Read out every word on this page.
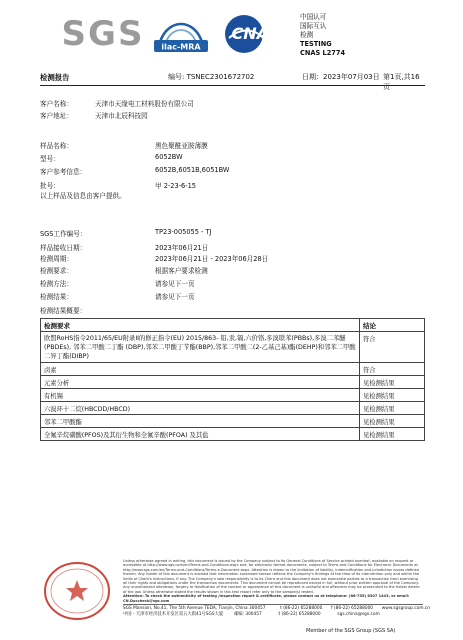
SGS ilac-MRA
CNAS
中国认可
国际互认
检测
TESTING
CNAS L2774
检测报告	编号: TSNEC2301672702	日期：2023年07月03日 第1页,共16页
客户名称：	天津市天缘电工材料股份有限公司
客户地址：	天津市北辰科技园
样品名称：	黑色聚酰亚胺薄膜
型号：	6052BW
客户参考信息：	6052B,6051B,6051BW
批号：	甲 2-23-6-15
以上样品及信息由客户提供。
SGS工作编号：	TP23-005055 - TJ
样品接收日期：	2023年06月21日
检测周期：	2023年06月21日 - 2023年06月28日
检测要求：	根据客户要求检测
检测方法：	请参见下一页
检测结果：	请参见下一页
检测结果概要：
检测要求	结论
欧盟RoHS指令2011/65/EU附录II的修正指令(EU) 2015/863- 铅,汞,镉,六价铬,多溴联苯(PBBs),多溴二苯醚(PBDEs), 邻苯二甲酸二丁酯 (DBP),邻苯二甲酸丁苄酯(BBP),邻苯二甲酸二(2-乙基己基)酯(DEHP)和邻苯二甲酸二异丁酯(DIBP)	符合
卤素	符合
元素分析	见检测结果
有机锡	见检测结果
六溴环十二烷(HBCDD/HBCD)	见检测结果
邻苯二甲酸酯	见检测结果
全氟辛烷磺酸(PFOS)及其衍生物和全氟辛酸(PFOA) 及其盐	见检测结果
Unless otherwise agreed in writing, this document is issued by the Company subject to its General Conditions of Service printed overleaf, available on request or accessible at http://www.sgs.com/en/Terms-and-Conditions.aspx and, for electronic format documents, subject to Terms and Conditions for Electronic Documents at http://www.sgs.com/en/Terms-and-Conditions/Terms-e-Document.aspx. Attention is drawn to the limitation of liability, indemnification and jurisdiction issues defined therein. Any holder of this document is advised that information contained hereon reflects the Company's findings at the time of its intervention only and within the limits of Client's instructions, if any. The Company's sole responsibility is to its Client and this document does not exonerate parties to a transaction from exercising all their rights and obligations under the transaction documents. This document cannot be reproduced except in full, without prior written approval of the Company. Any unauthorized alteration, forgery or falsification of the content or appearance of this document is unlawful and offenders may be prosecuted to the fullest extent of the law. Unless otherwise stated the results shown in this test report refer only to the sample(s) tested.
Attention: To check the authenticity of testing /inspection report & certificate, please contact us at telephone: (86-755) 8307 1443, or email: CN.Doccheck@sgs.com
SGS Mansion, No.41, The 5th Avenue TEDA, Tianjin, China 300457	t (86-22) 65288000 f (86-22) 65288000 www.sgsgroup.com.cn
中国 - 天津市经济技术开发区第五大街41号SGS大厦	邮编: 300457	t (86-22) 65288000	sgs.china@sgs.com
Member of the SGS Group (SGS SA)
